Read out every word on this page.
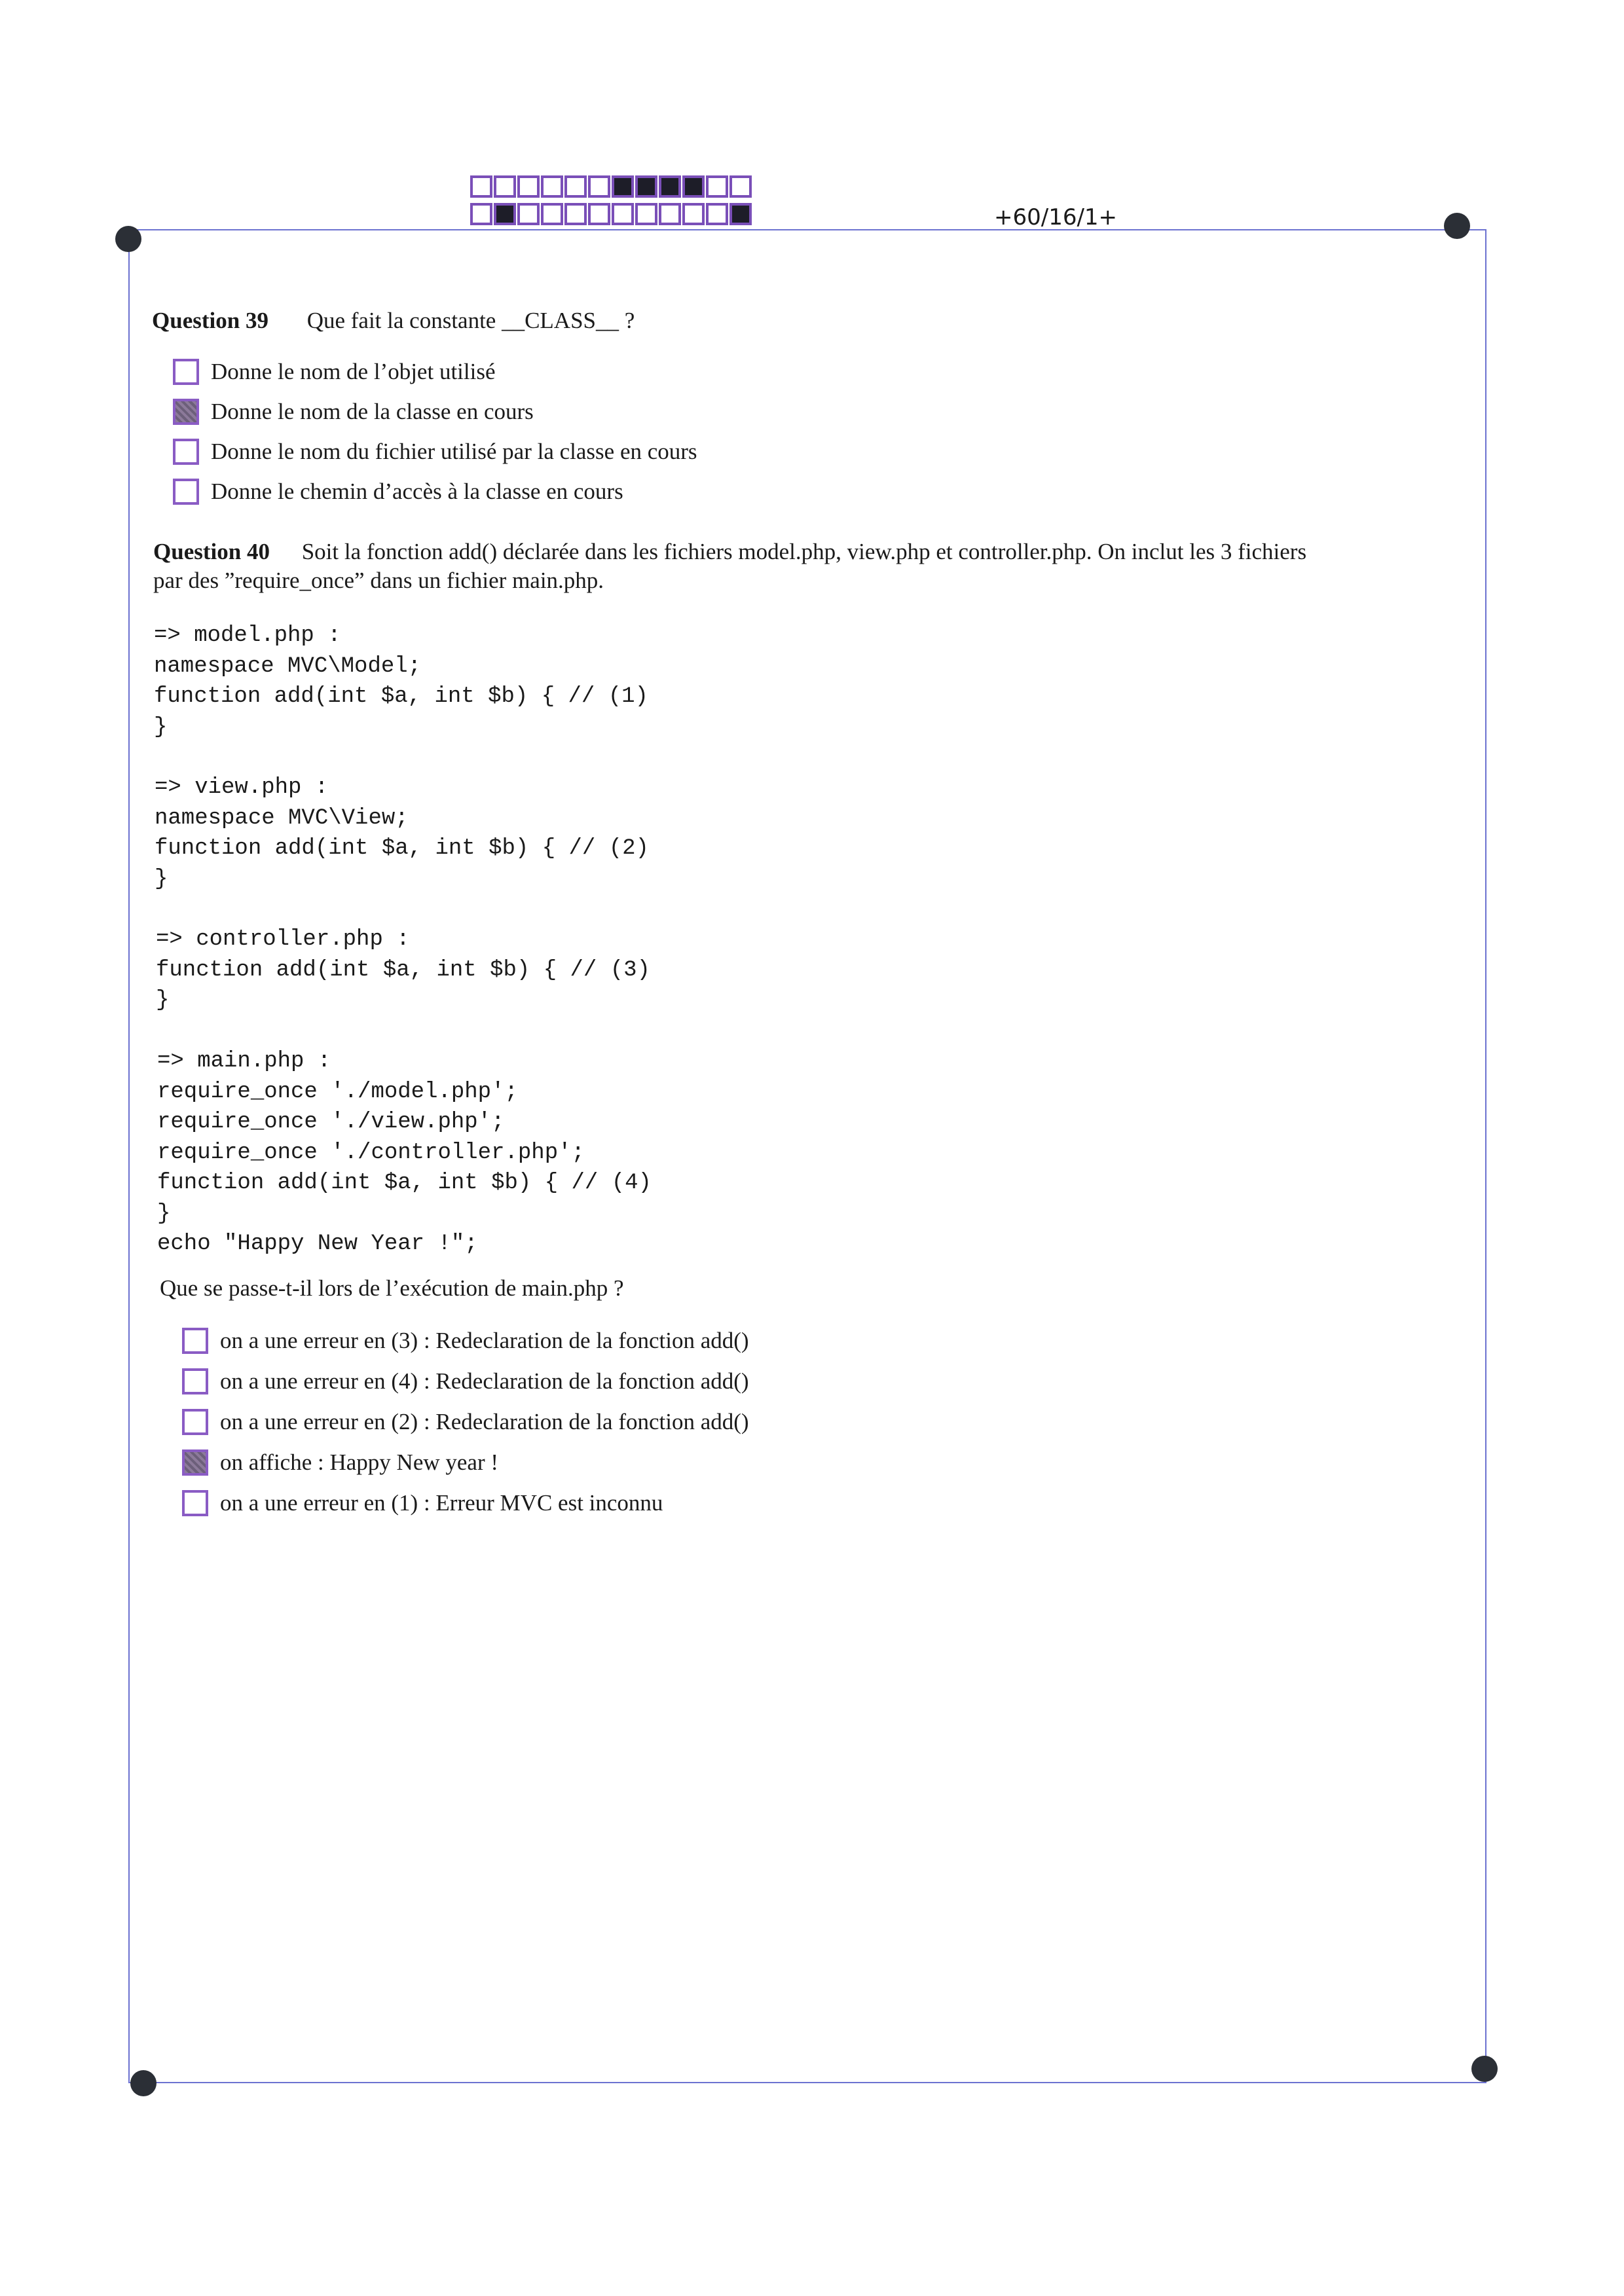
+60/16/1+
Question 39 Que fait la constante __CLASS__ ?
Donne le nom de l’objet utilisé
Donne le nom de la classe en cours
Donne le nom du fichier utilisé par la classe en cours
Donne le chemin d’accès à la classe en cours
Question 40 Soit la fonction add() déclarée dans les fichiers model.php, view.php et controller.php. On inclut les 3 fichiers
par des ”require_once” dans un fichier main.php.
=> model.php :
namespace MVC\Model;
function add(int $a, int $b) { // (1)
}
=> view.php :
namespace MVC\View;
function add(int $a, int $b) { // (2)
}
=> controller.php :
function add(int $a, int $b) { // (3)
}
=> main.php :
require_once './model.php';
require_once './view.php';
require_once './controller.php';
function add(int $a, int $b) { // (4)
}
echo "Happy New Year !";
Que se passe-t-il lors de l’exécution de main.php ?
on a une erreur en (3) : Redeclaration de la fonction add()
on a une erreur en (4) : Redeclaration de la fonction add()
on a une erreur en (2) : Redeclaration de la fonction add()
on affiche : Happy New year !
on a une erreur en (1) : Erreur MVC est inconnu
